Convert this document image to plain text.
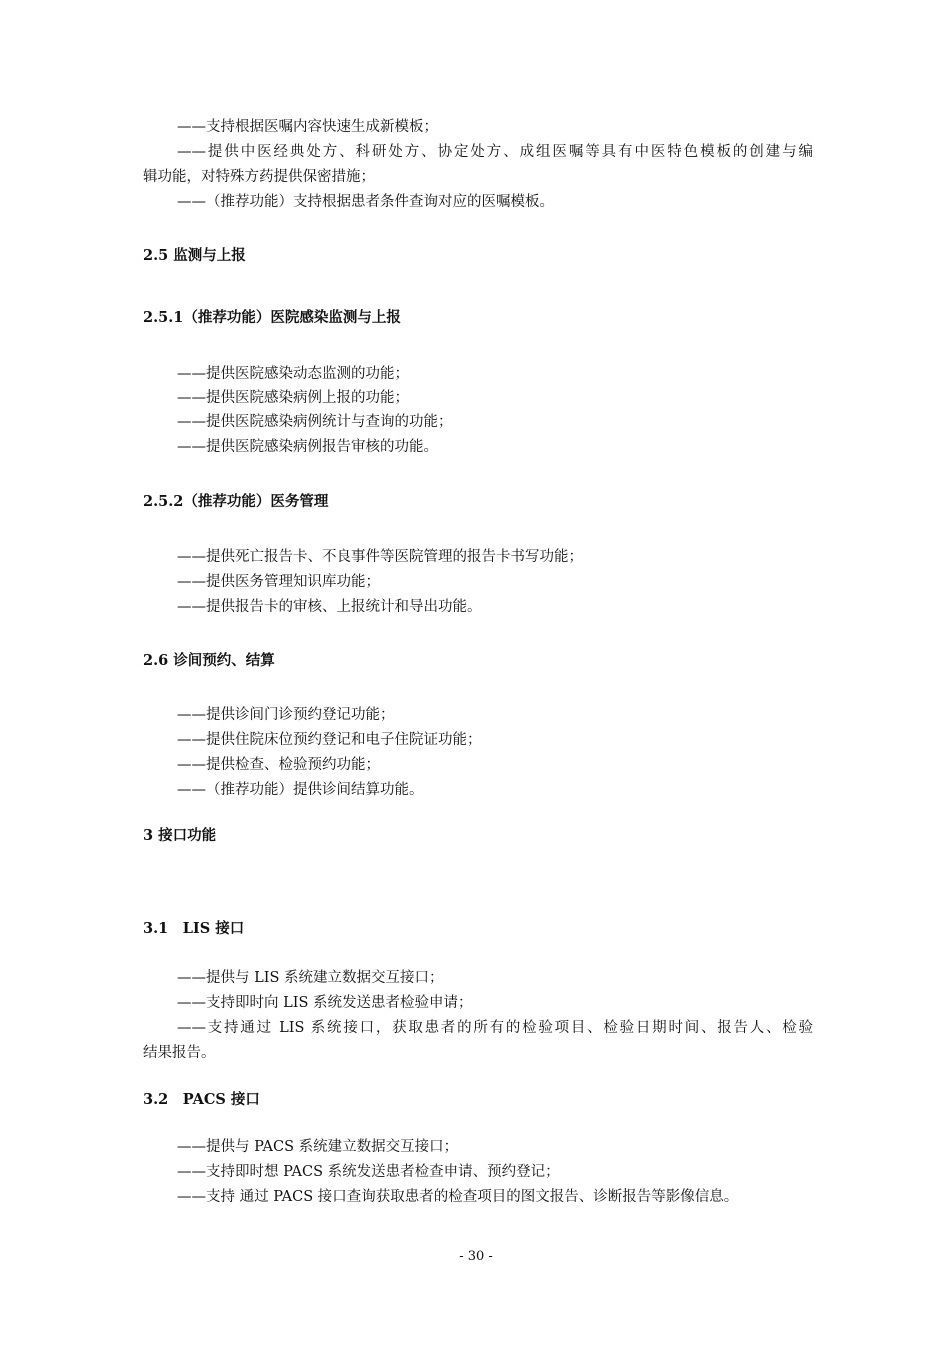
——支持根据医嘱内容快速生成新模板；
——提供中医经典处方、科研处方、协定处方、成组医嘱等具有中医特色模板的创建与编
辑功能，对特殊方药提供保密措施；
——（推荐功能）支持根据患者条件查询对应的医嘱模板。
2.5 监测与上报
2.5.1（推荐功能）医院感染监测与上报
——提供医院感染动态监测的功能；
——提供医院感染病例上报的功能；
——提供医院感染病例统计与查询的功能；
——提供医院感染病例报告审核的功能。
2.5.2（推荐功能）医务管理
——提供死亡报告卡、不良事件等医院管理的报告卡书写功能；
——提供医务管理知识库功能；
——提供报告卡的审核、上报统计和导出功能。
2.6 诊间预约、结算
——提供诊间门诊预约登记功能；
——提供住院床位预约登记和电子住院证功能；
——提供检查、检验预约功能；
——（推荐功能）提供诊间结算功能。
3 接口功能
3.1　LIS 接口
——提供与 LIS 系统建立数据交互接口；
——支持即时向 LIS 系统发送患者检验申请；
——支持通过 LIS 系统接口，获取患者的所有的检验项目、检验日期时间、报告人、检验
结果报告。
3.2　PACS 接口
——提供与 PACS 系统建立数据交互接口；
——支持即时想 PACS 系统发送患者检查申请、预约登记；
——支持 通过 PACS 接口查询获取患者的检查项目的图文报告、诊断报告等影像信息。
- 30 -
